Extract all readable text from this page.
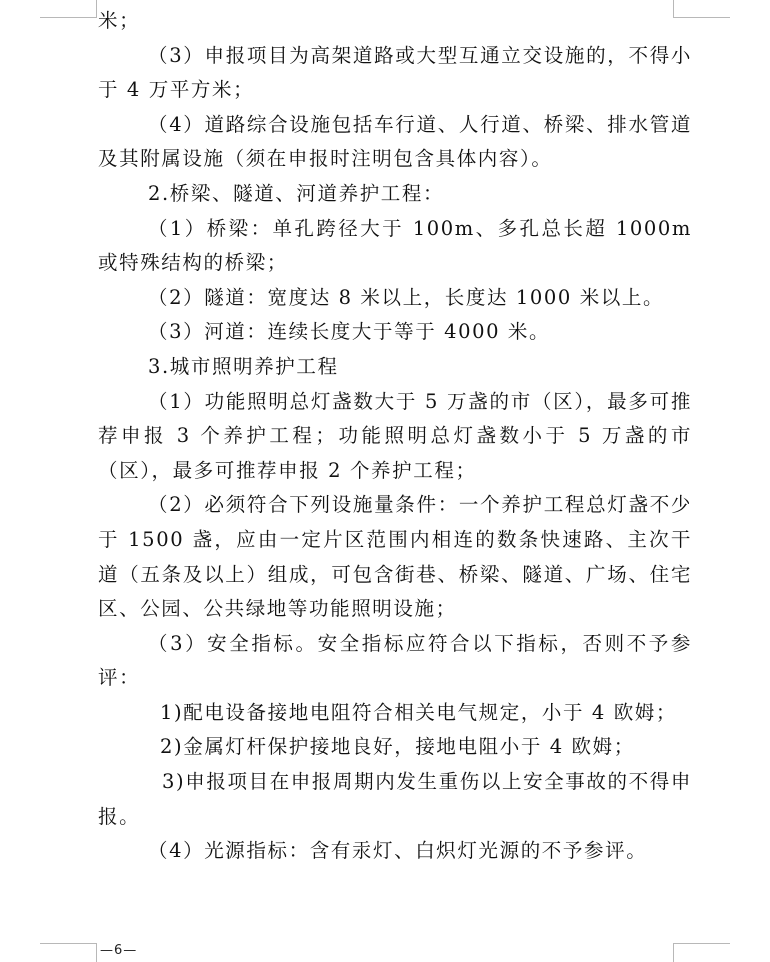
米；

（3）申报项目为高架道路或大型互通立交设施的，不得小于 4 万平方米；

（4）道路综合设施包括车行道、人行道、桥梁、排水管道及其附属设施（须在申报时注明包含具体内容）。

2.桥梁、隧道、河道养护工程：

（1）桥梁：单孔跨径大于 100m、多孔总长超 1000m 或特殊结构的桥梁；

（2）隧道：宽度达 8 米以上，长度达 1000 米以上。

（3）河道：连续长度大于等于 4000 米。

3.城市照明养护工程

（1）功能照明总灯盏数大于 5 万盏的市（区），最多可推荐申报 3 个养护工程；功能照明总灯盏数小于 5 万盏的市（区），最多可推荐申报 2 个养护工程；

（2）必须符合下列设施量条件：一个养护工程总灯盏不少于 1500 盏，应由一定片区范围内相连的数条快速路、主次干道（五条及以上）组成，可包含街巷、桥梁、隧道、广场、住宅区、公园、公共绿地等功能照明设施；

（3）安全指标。安全指标应符合以下指标，否则不予参评：

1)配电设备接地电阻符合相关电气规定，小于 4 欧姆；

2)金属灯杆保护接地良好，接地电阻小于 4 欧姆；

3)申报项目在申报周期内发生重伤以上安全事故的不得申报。

（4）光源指标：含有汞灯、白炽灯光源的不予参评。

—6—
